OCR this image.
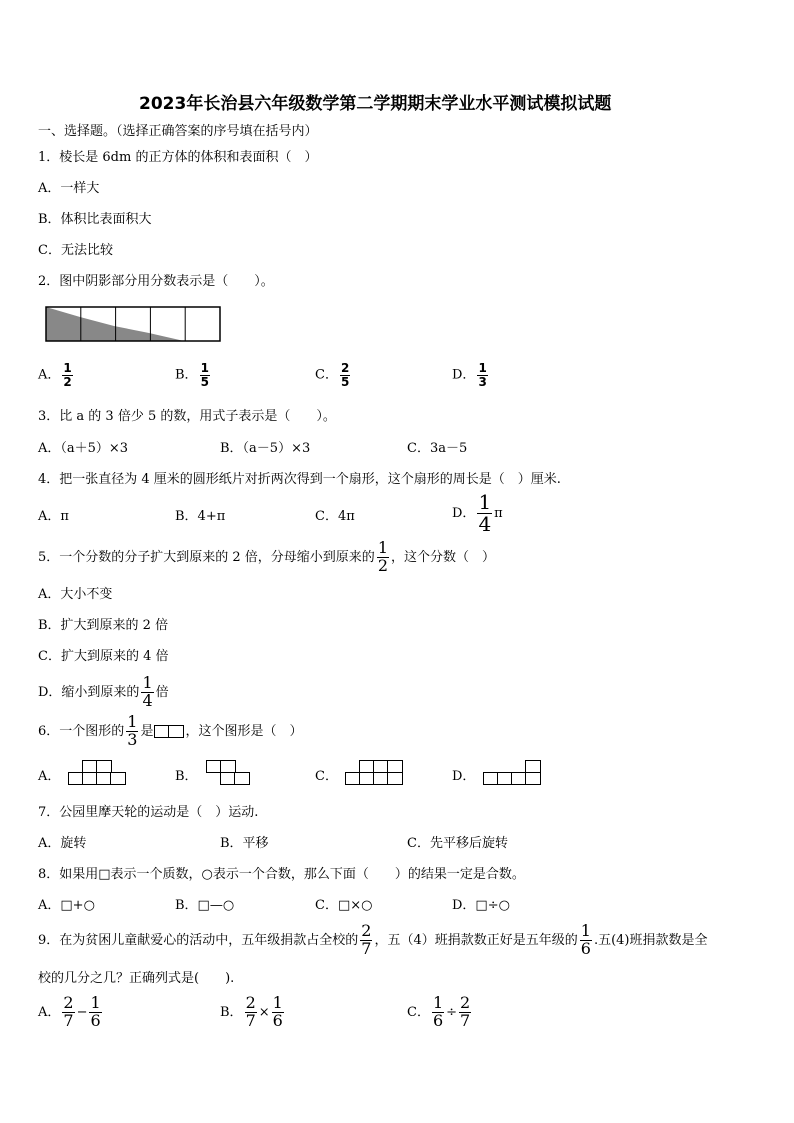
2023年长治县六年级数学第二学期期末学业水平测试模拟试题
一、选择题。（选择正确答案的序号填在括号内）
1．棱长是 6dm 的正方体的体积和表面积（　）
A．一样大
B．体积比表面积大
C．无法比较
2．图中阴影部分用分数表示是（　　）。
A． $\frac{1}{2}$	B． $\frac{1}{5}$	C． $\frac{2}{5}$	D． $\frac{1}{3}$
3．比 a 的 3 倍少 5 的数，用式子表示是（　　）。
A．（a＋5）×3	B．（a－5）×3	C．3a－5
4．把一张直径为 4 厘米的圆形纸片对折两次得到一个扇形，这个扇形的周长是（　）厘米.
A．π	B．4+π	C．4π	D． $\frac{1}{4}$ π
5．一个分数的分子扩大到原来的 2 倍，分母缩小到原来的 $\frac{1}{2}$ ，这个分数（　）
A．大小不变
B．扩大到原来的 2 倍
C．扩大到原来的 4 倍
D．缩小到原来的 $\frac{1}{4}$ 倍
6．一个图形的 $\frac{1}{3}$ 是 ，这个图形是（　）
A．	B．	C．	D．
7．公园里摩天轮的运动是（　）运动.
A．旋转	B．平移	C．先平移后旋转
8．如果用□表示一个质数，○表示一个合数，那么下面（　　）的结果一定是合数。
A．□+○	B．□—○	C．□×○	D．□÷○
9．在为贫困儿童献爱心的活动中，五年级捐款占全校的 $\frac{2}{7}$ ，五（4）班捐款数正好是五年级的 $\frac{1}{6}$ .五(4)班捐款数是全
校的几分之几？正确列式是(　　).
A． $\frac{2}{7} - \frac{1}{6}$	B． $\frac{2}{7} \times \frac{1}{6}$	C． $\frac{1}{6} \div \frac{2}{7}$
